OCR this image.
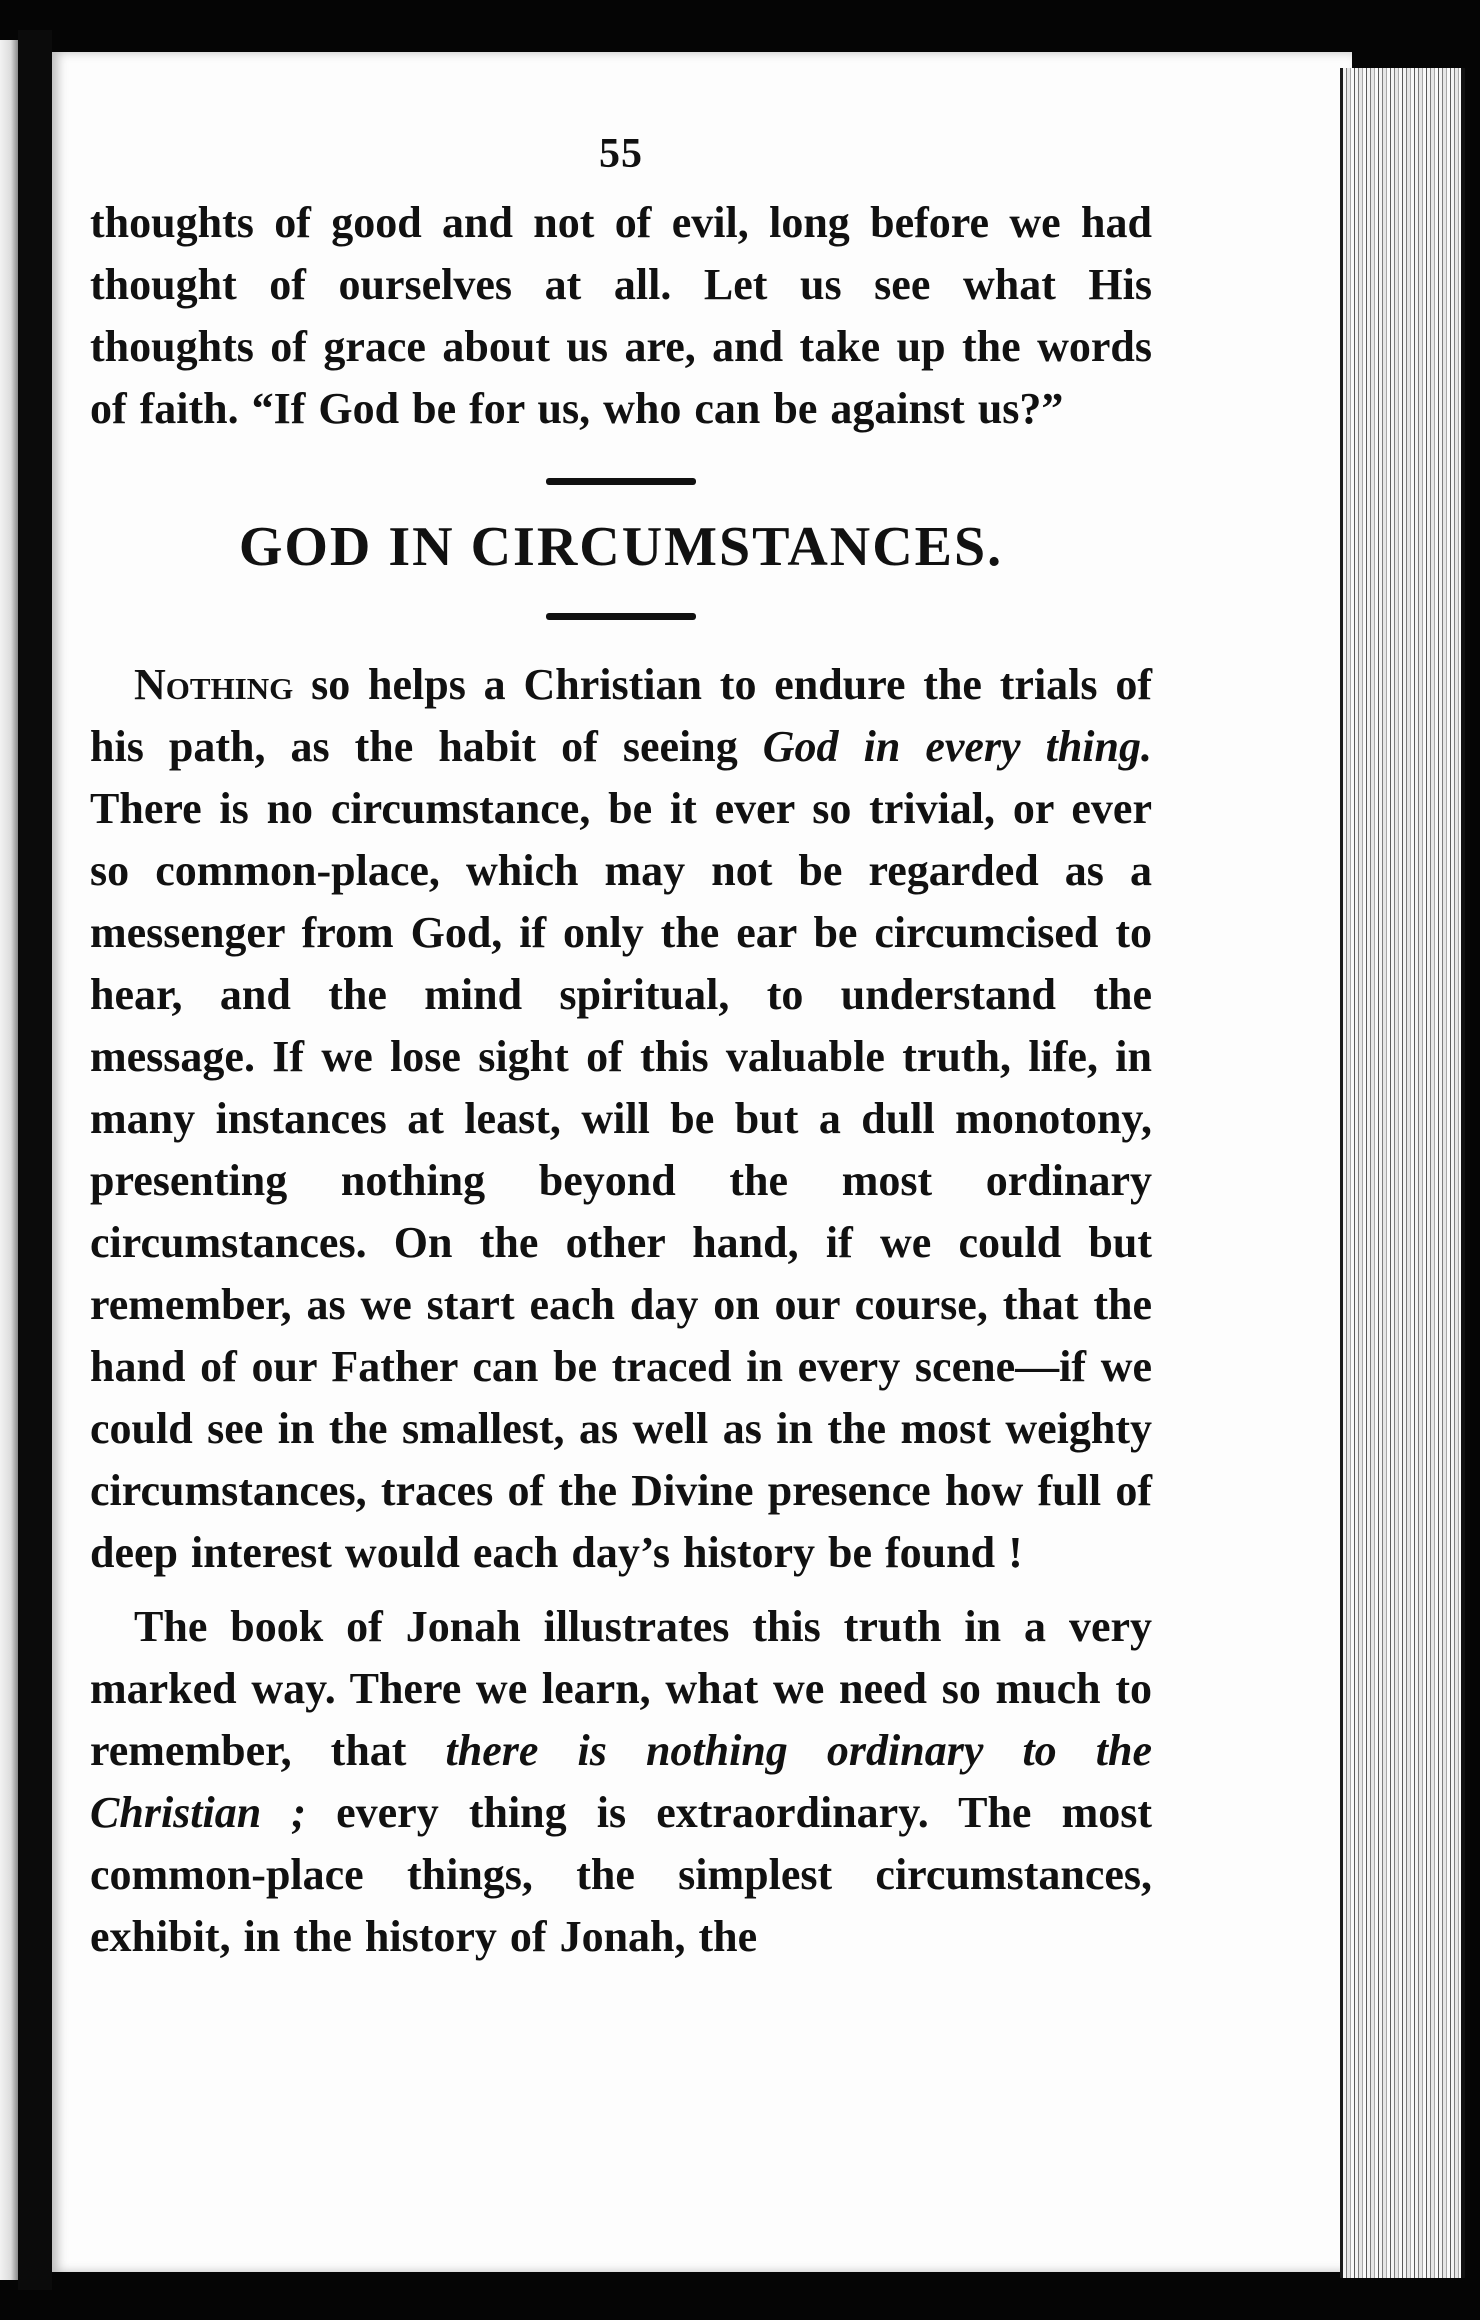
55

thoughts of good and not of evil, long before we had thought of ourselves at all. Let us see what His thoughts of grace about us are, and take up the words of faith. “If God be for us, who can be against us?”

GOD IN CIRCUMSTANCES.

Nothing so helps a Christian to endure the trials of his path, as the habit of seeing God in every thing. There is no circumstance, be it ever so trivial, or ever so common-place, which may not be regarded as a messenger from God, if only the ear be circumcised to hear, and the mind spiritual, to understand the message. If we lose sight of this valuable truth, life, in many instances at least, will be but a dull monotony, presenting nothing beyond the most ordinary circumstances. On the other hand, if we could but remember, as we start each day on our course, that the hand of our Father can be traced in every scene—if we could see in the smallest, as well as in the most weighty circumstances, traces of the Divine presence how full of deep interest would each day’s history be found !

The book of Jonah illustrates this truth in a very marked way. There we learn, what we need so much to remember, that there is nothing ordinary to the Christian ; every thing is extraordinary. The most common-place things, the simplest circumstances, exhibit, in the history of Jonah, the
